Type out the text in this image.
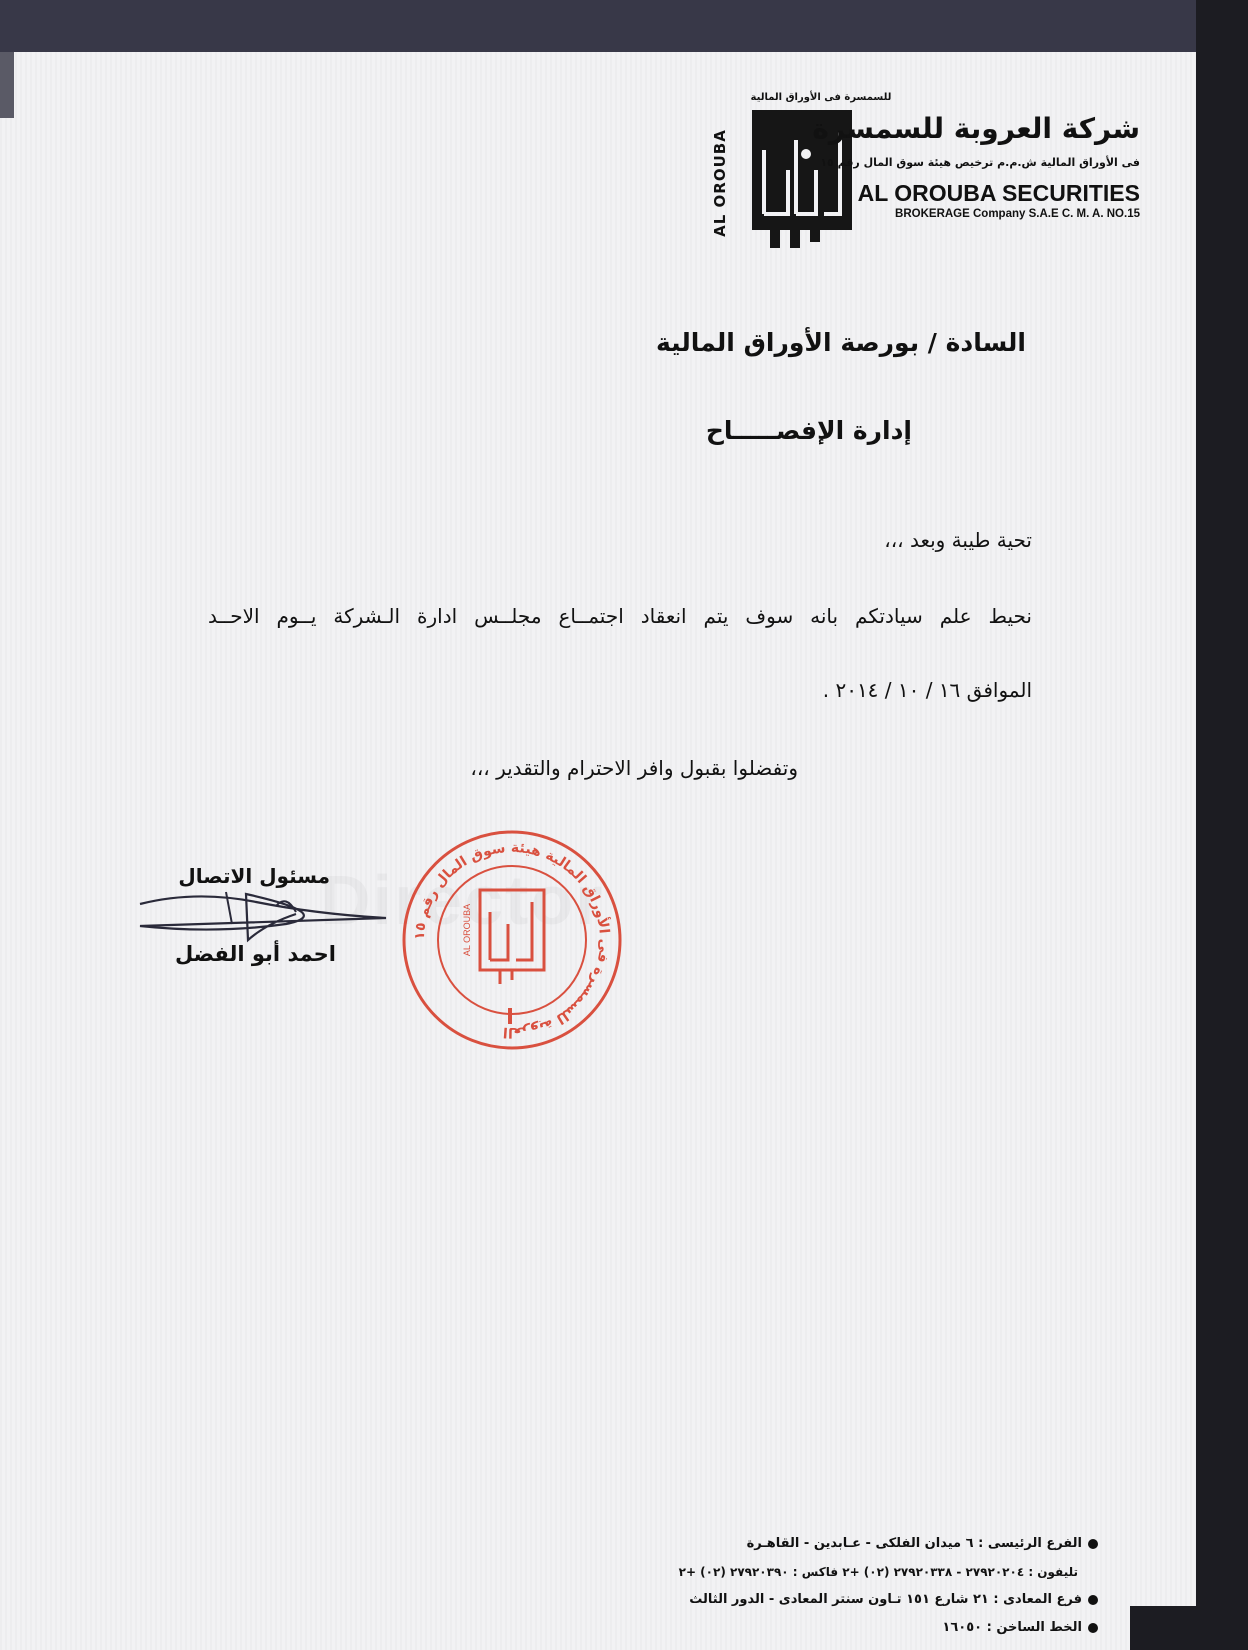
للسمسرة فى الأوراق المالية
AL OROUBA
شركة العروبة للسمسرة
فى الأوراق المالية ش.م.م ترخيص هيئة سوق المال رقم ١٥
AL OROUBA SECURITIES
BROKERAGE Company S.A.E C. M. A. NO.15
السادة / بورصة الأوراق المالية
إدارة الإفصـــــاح
تحية طيبة وبعد ،،،
نحيط علم سيادتكم بانه سوف يتم انعقاد اجتمــاع مجلــس ادارة الـشركة يــوم الاحــد
الموافق ١٦ / ١٠ / ٢٠١٤ .
وتفضلوا بقبول وافر الاحترام والتقدير ،،،
مسئول الاتصال
احمد أبو الفضل
العروبة للسمسرة فى الأوراق المالية هيئة سوق المال رقم ١٥
AL OROUBA
الفرع الرئيسى : ٦ ميدان الفلكى - عـابدين - القاهـرة
تليفون : ٢٧٩٢٠٢٠٤ - ٢٧٩٢٠٣٣٨ (٠٢) +٢ فاكس : ٢٧٩٢٠٣٩٠ (٠٢) +٢
فرع المعادى : ٢١ شارع ١٥١ تـاون سنتر المعادى - الدور الثالث
الخط الساخن : ١٦٠٥٠
